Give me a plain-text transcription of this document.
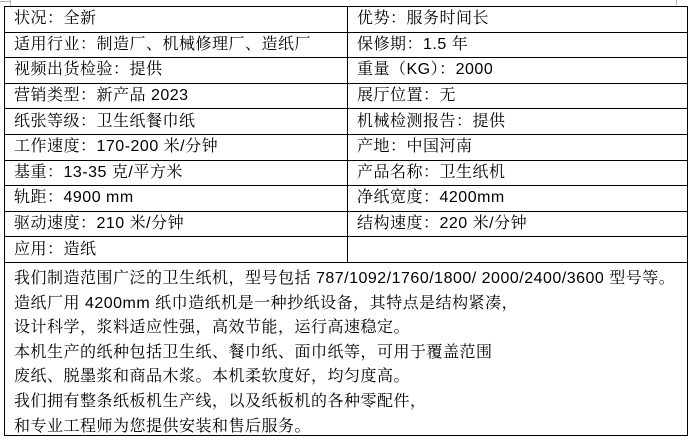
状况：全新	优势：服务时间长
适用行业：制造厂、机械修理厂、造纸厂	保修期：1.5 年
视频出货检验：提供	重量（KG）：2000
营销类型：新产品 2023	展厅位置：无
纸张等级：卫生纸餐巾纸	机械检测报告：提供
工作速度：170-200 米/分钟	产地：中国河南
基重：13-35 克/平方米	产品名称：卫生纸机
轨距：4900 mm	净纸宽度：4200mm
驱动速度：210 米/分钟	结构速度：220 米/分钟
应用：造纸
我们制造范围广泛的卫生纸机，型号包括 787/1092/1760/1800/ 2000/2400/3600 型号等。
造纸厂用 4200mm 纸巾造纸机是一种抄纸设备，其特点是结构紧凑，
设计科学，浆料适应性强，高效节能，运行高速稳定。
本机生产的纸种包括卫生纸、餐巾纸、面巾纸等，可用于覆盖范围
废纸、脱墨浆和商品木浆。本机柔软度好，均匀度高。
我们拥有整条纸板机生产线，以及纸板机的各种零配件，
和专业工程师为您提供安装和售后服务。
